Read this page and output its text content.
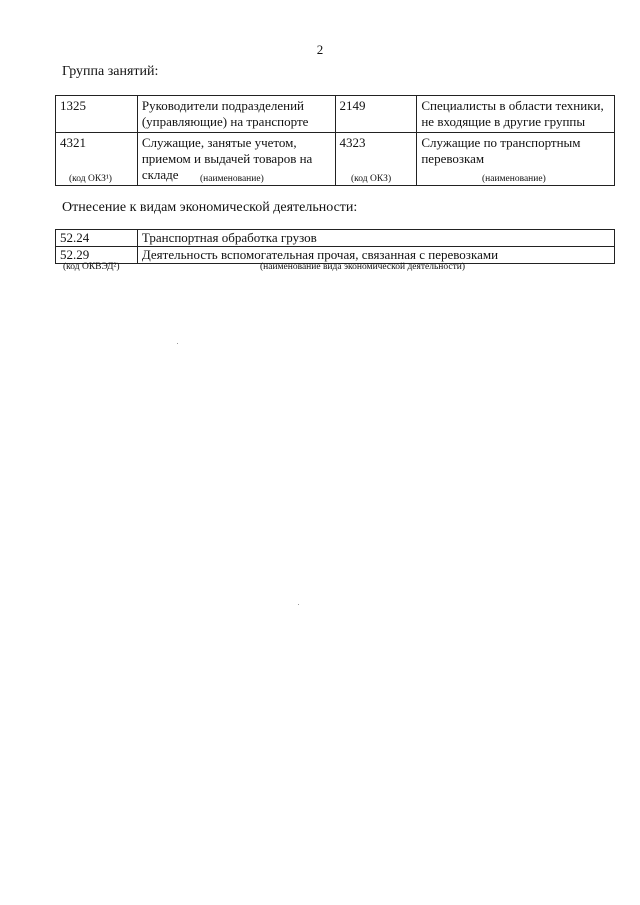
2
Группа занятий:
1325	Руководители подразделений (управляющие) на транспорте	2149	Специалисты в области техники, не входящие в другие группы
4321	Служащие, занятые учетом, приемом и выдачей товаров на складе	4323	Служащие по транспортным перевозкам
(код ОКЗ¹)	(наименование)	(код ОКЗ)	(наименование)
Отнесение к видам экономической деятельности:
52.24	Транспортная обработка грузов
52.29	Деятельность вспомогательная прочая, связанная с перевозками
(код ОКВЭД²)	(наименование вида экономической деятельности)
